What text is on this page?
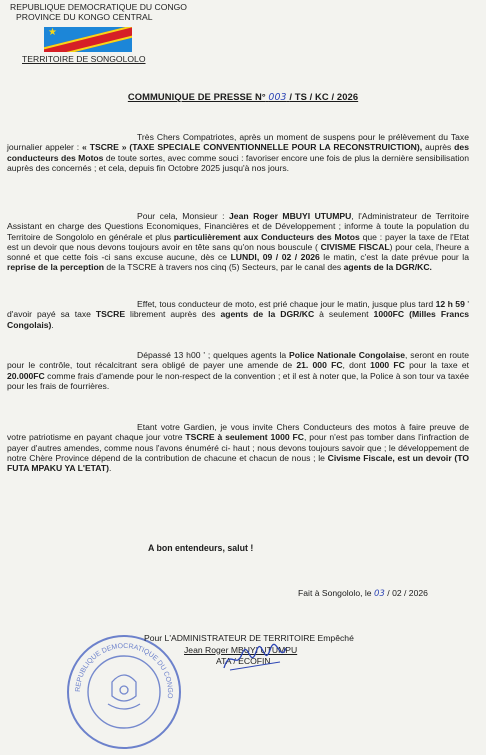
REPUBLIQUE DEMOCRATIQUE DU CONGO
PROVINCE DU KONGO CENTRAL
★
TERRITOIRE DE SONGOLOLO
COMMUNIQUE DE PRESSE N° 003 / TS / KC / 2026

Très Chers Compatriotes, après un moment de suspens pour le prélèvement du Taxe journalier appeler : « TSCRE » (TAXE SPECIALE CONVENTIONNELLE POUR LA RECONSTRUICTION), auprès des conducteurs des Motos de toute sortes, avec comme souci : favoriser encore une fois de plus la dernière sensibilisation auprès des concernés ; et cela, depuis fin Octobre 2025 jusqu'à nos jours.

Pour cela, Monsieur : Jean Roger MBUYI UTUMPU, l'Administrateur de Territoire Assistant en charge des Questions Economiques, Financières et de Développement ; informe à toute la population du Territoire de Songololo en générale et plus particulièrement aux Conducteurs des Motos que : payer la taxe de l'Etat est un devoir que nous devons toujours avoir en tête sans qu'on nous bouscule ( CIVISME FISCAL) pour cela, l'heure a sonné et que cette fois -ci sans excuse aucune, dès ce LUNDI, 09 / 02 / 2026 le matin, c'est la date prévue pour la reprise de la perception de la TSCRE à travers nos cinq (5) Secteurs, par le canal des agents de la DGR/KC.

Effet, tous conducteur de moto, est prié chaque jour le matin, jusque plus tard 12 h 59 ' d'avoir payé sa taxe TSCRE librement auprès des agents de la DGR/KC à seulement 1000FC (Milles Francs Congolais).

Dépassé 13 h00 ' ; quelques agents la Police Nationale Congolaise, seront en route pour le contrôle, tout récalcitrant sera obligé de payer une amende de 21. 000 FC, dont 1000 FC pour la taxe et 20.000FC comme frais d'amende pour le non-respect de la convention ; et il est à noter que, la Police à son tour va taxée pour les frais de fourrières.

Etant votre Gardien, je vous invite Chers Conducteurs des motos à faire preuve de votre patriotisme en payant chaque jour votre TSCRE à seulement 1000 FC, pour n'est pas tomber dans l'infraction de payer d'autres amendes, comme nous l'avons énuméré ci- haut ; nous devons toujours savoir que ; le développement de notre Chère Province dépend de la contribution de chacune et chacun de nous ; le Civisme Fiscale, est un devoir (TO FUTA MPAKU YA L'ETAT).

A bon entendeurs, salut !
Fait à Songololo, le 03 / 02 / 2026
REPUBLIQUE DEMOCRATIQUE DU CONGO
Pour L'ADMINISTRATEUR DE TERRITOIRE Empêché
Jean Roger MBUYI UTUMPU
ATA / ECOFIN
